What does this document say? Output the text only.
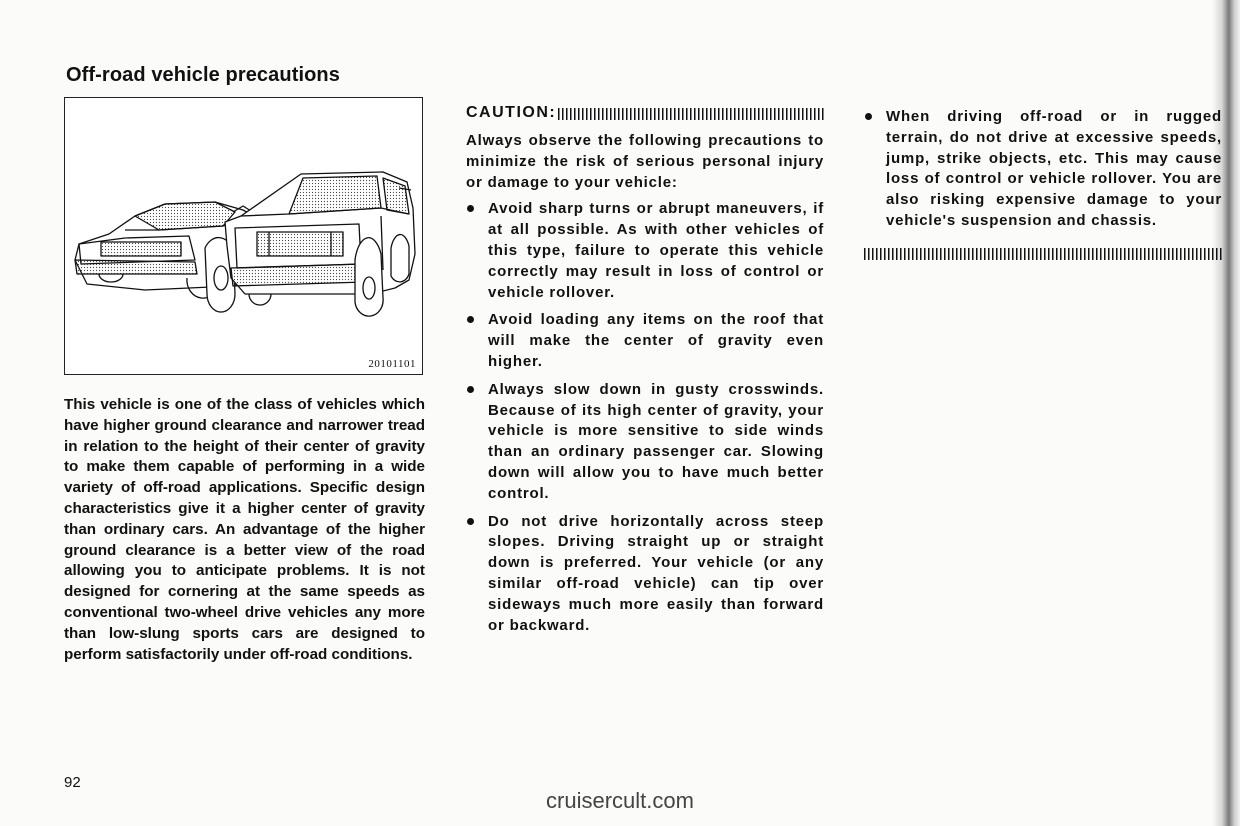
Off-road vehicle precautions
20101101

This vehicle is one of the class of vehicles which have higher ground clearance and narrower tread in relation to the height of their center of gravity to make them capable of performing in a wide variety of off-road applications. Specific design characteristics give it a higher center of gravity than ordinary cars. An advantage of the higher ground clearance is a better view of the road allowing you to anticipate problems. It is not designed for cornering at the same speeds as conventional two-wheel drive vehicles any more than low-slung sports cars are designed to perform satisfactorily under off-road conditions.

CAUTION:

Always observe the following precautions to minimize the risk of serious personal injury or damage to your vehicle:

Avoid sharp turns or abrupt maneuvers, if at all possible. As with other vehicles of this type, failure to operate this vehicle correctly may result in loss of control or vehicle rollover.
Avoid loading any items on the roof that will make the center of gravity even higher.
Always slow down in gusty crosswinds. Because of its high center of gravity, your vehicle is more sensitive to side winds than an ordinary passenger car. Slowing down will allow you to have much better control.
Do not drive horizontally across steep slopes. Driving straight up or straight down is preferred. Your vehicle (or any similar off-road vehicle) can tip over sideways much more easily than forward or backward.
When driving off-road or in rugged terrain, do not drive at excessive speeds, jump, strike objects, etc. This may cause loss of control or vehicle rollover. You are also risking expensive damage to your vehicle's suspension and chassis.
92
cruisercult.com
